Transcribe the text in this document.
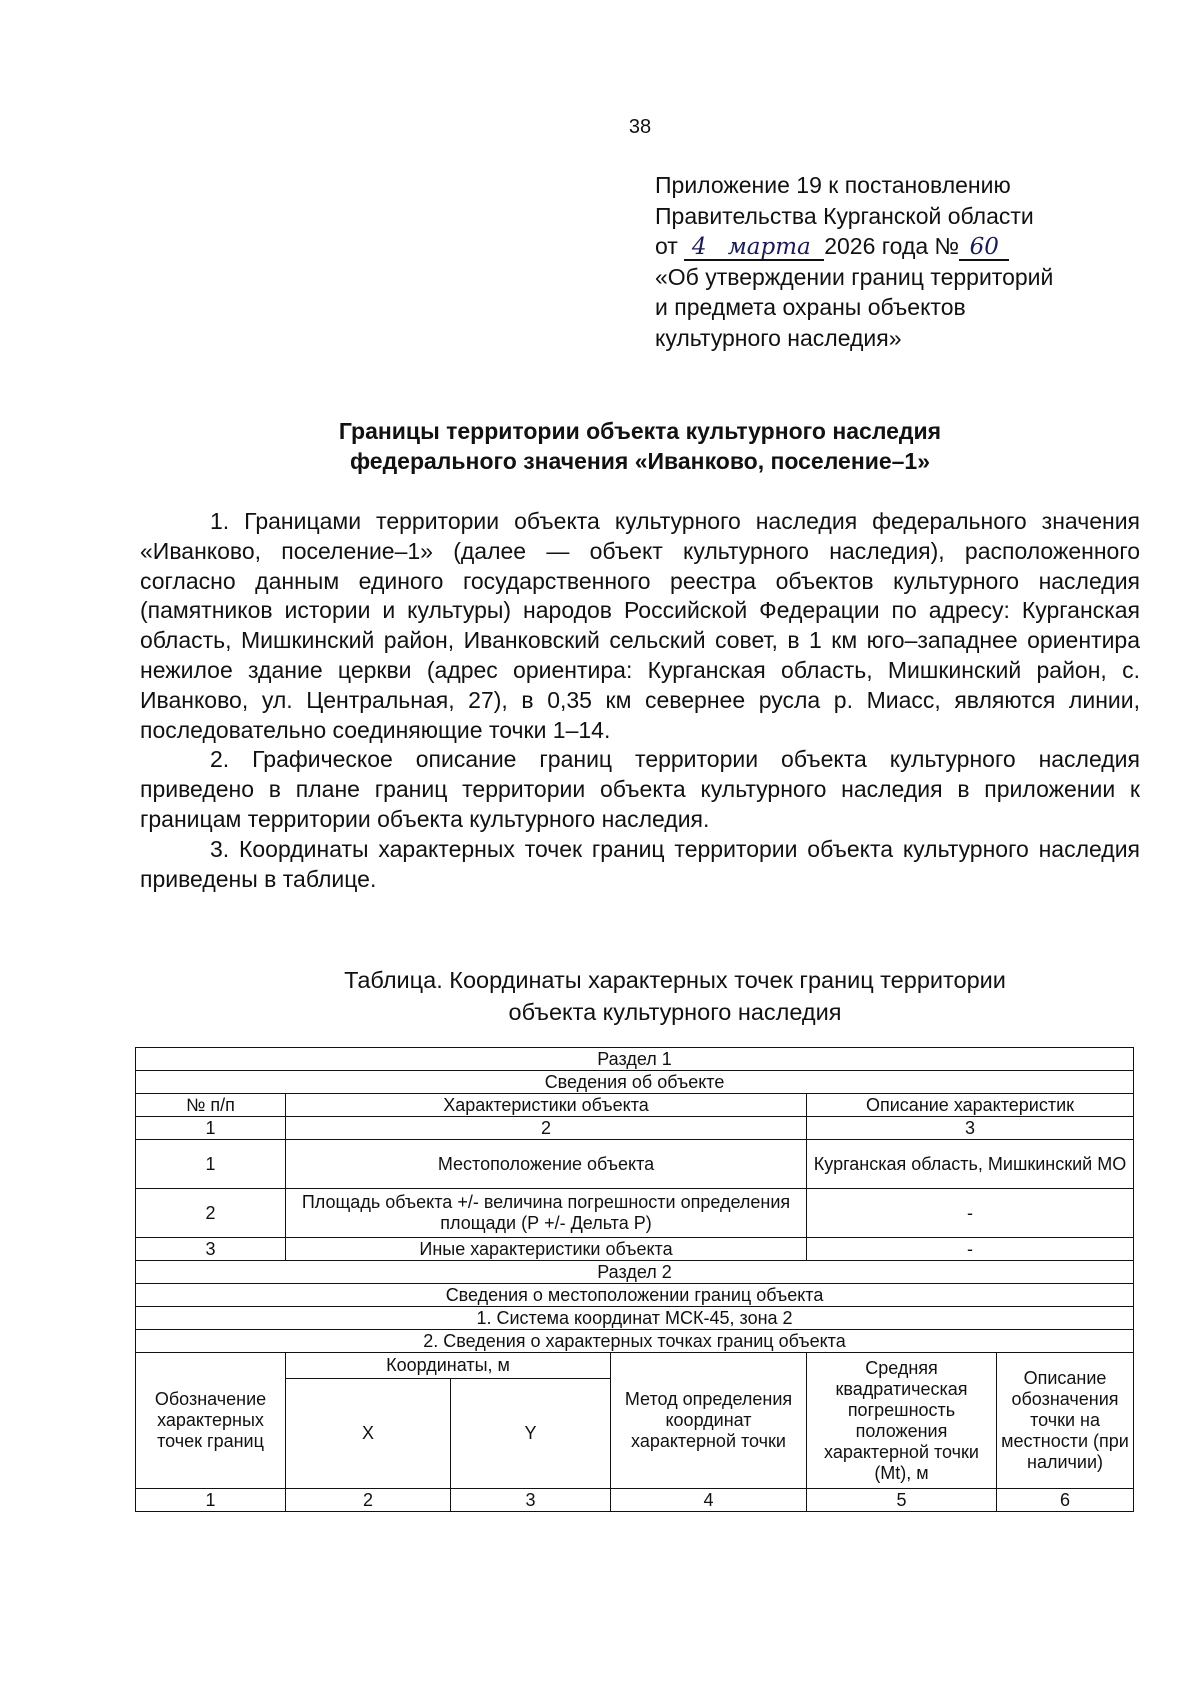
38
Приложение 19 к постановлению
Правительства Курганской области
от 4 марта 2026 года № 60
«Об утверждении границ территорий
и предмета охраны объектов
культурного наследия»
Границы территории объекта культурного наследия
федерального значения «Иванково, поселение–1»

1. Границами территории объекта культурного наследия федерального значения «Иванково, поселение–1» (далее — объект культурного наследия), расположенного согласно данным единого государственного реестра объектов культурного наследия (памятников истории и культуры) народов Российской Федерации по адресу: Курганская область, Мишкинский район, Иванковский сельский совет, в 1 км юго–западнее ориентира нежилое здание церкви (адрес ориентира: Курганская область, Мишкинский район, с. Иванково, ул. Центральная, 27), в 0,35 км севернее русла р. Миасс, являются линии, последовательно соединяющие точки 1–14.

2. Графическое описание границ территории объекта культурного наследия приведено в плане границ территории объекта культурного наследия в приложении к границам территории объекта культурного наследия.

3. Координаты характерных точек границ территории объекта культурного наследия приведены в таблице.

Таблица. Координаты характерных точек границ территории
объекта культурного наследия
Раздел 1					
Сведения об объекте					
№ п/п	Характеристики объекта			Описание характеристик	
1	2			3	
1	Местоположение объекта			Курганская область, Мишкинский МО	
2	Площадь объекта +/- величина погрешности определения площади (Р +/- Дельта Р)			-	
3	Иные характеристики объекта			-	
Раздел 2					
Сведения о местоположении границ объекта					
1. Система координат МСК-45, зона 2					
2. Сведения о характерных точках границ объекта					
Обозначение характерных точек границ	Координаты, м		Метод определения координат характерной точки	Средняя квадратическая погрешность положения характерной точки (Mt), м	Описание обозначения точки на местности (при наличии)
	X	Y			
1	2	3	4	5	6
